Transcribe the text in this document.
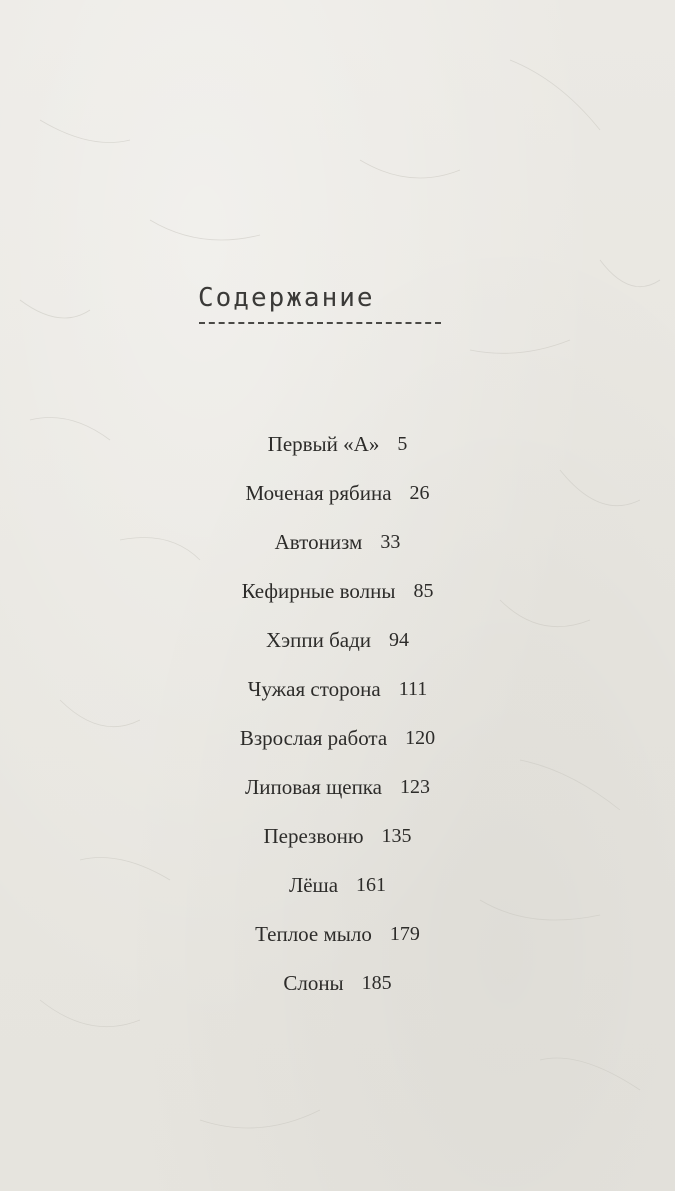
Содержание
Первый «А» 5
Моченая рябина 26
Автонизм 33
Кефирные волны 85
Хэппи бади 94
Чужая сторона 111
Взрослая работа 120
Липовая щепка 123
Перезвоню 135
Лёша 161
Теплое мыло 179
Слоны 185
